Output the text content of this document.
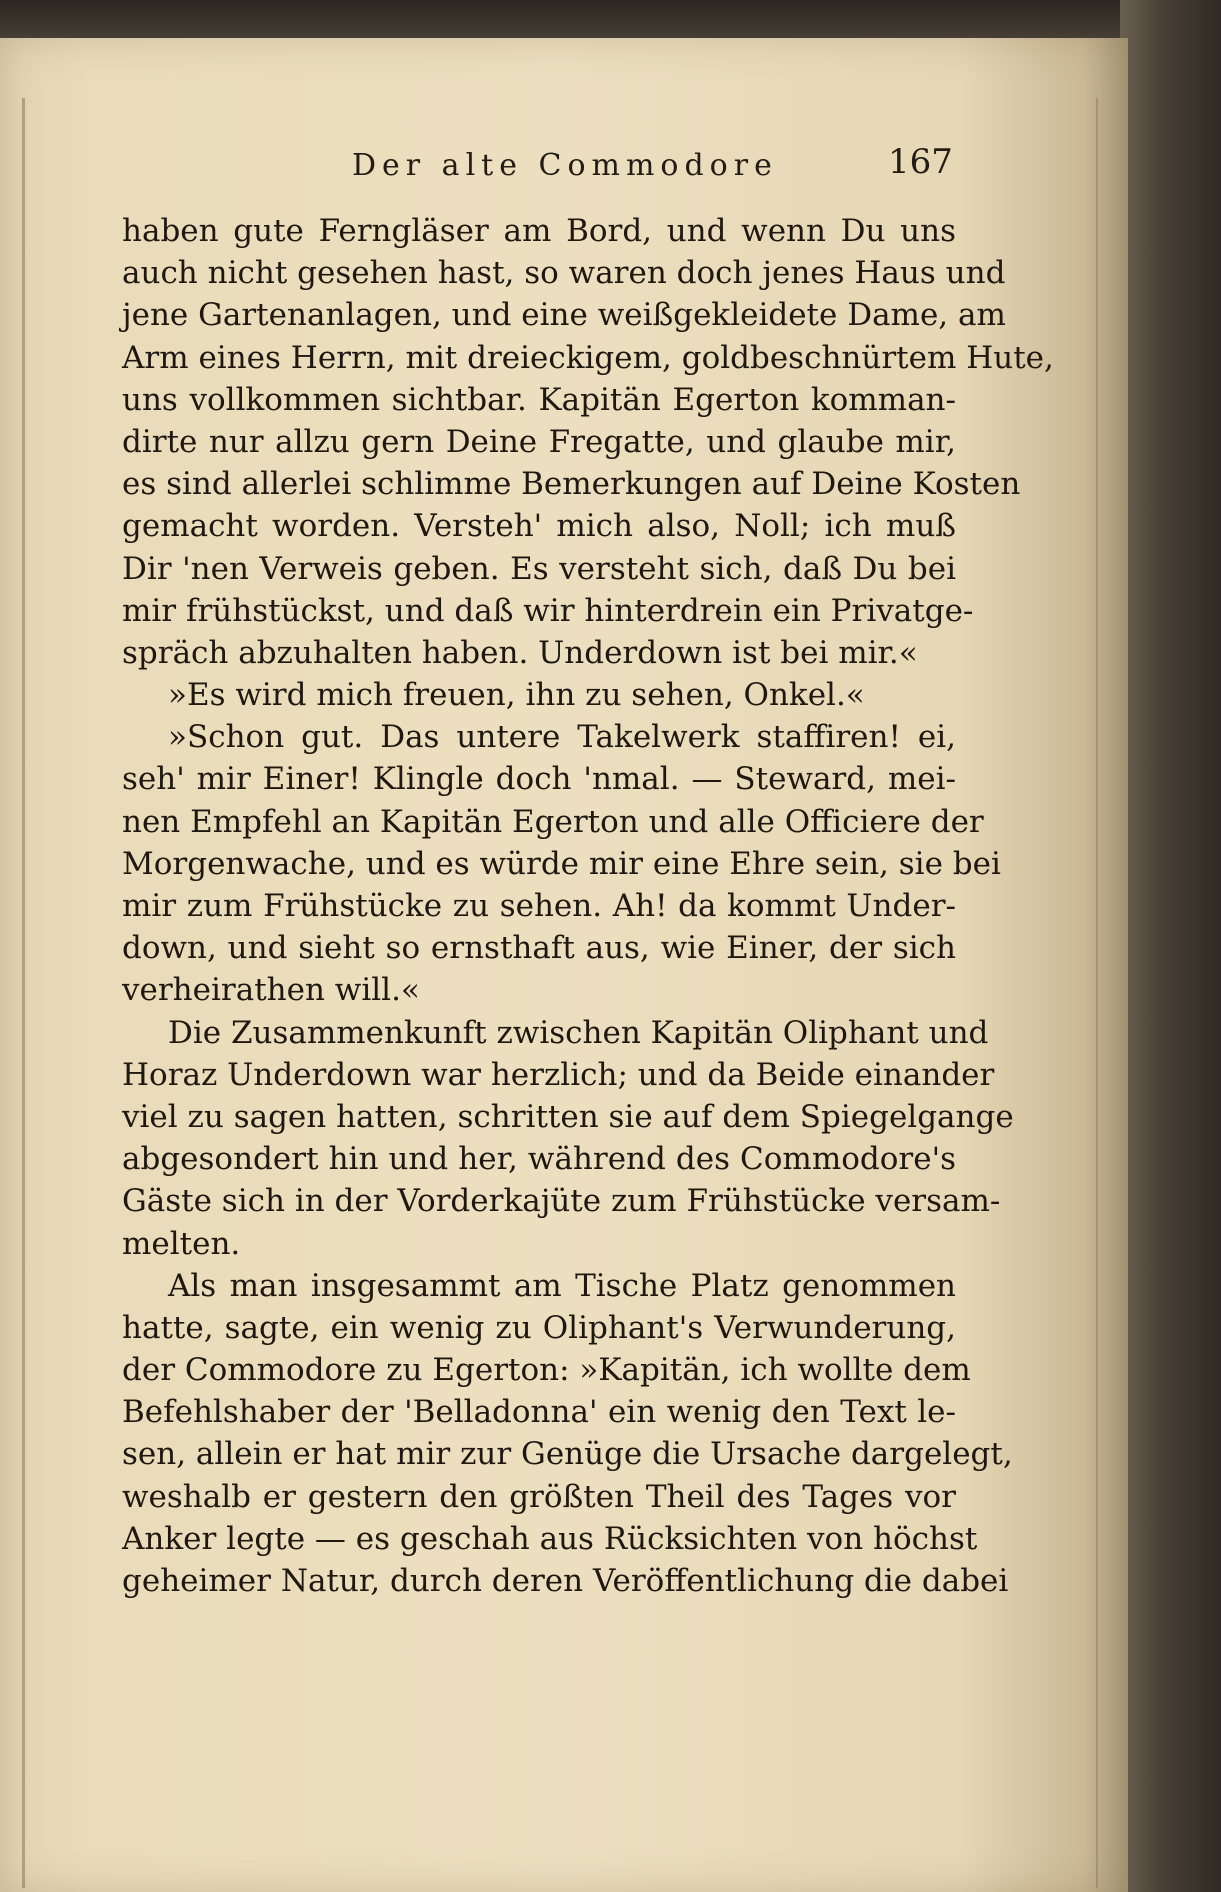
Der alte Commodore	167
haben gute Ferngläser am Bord, und wenn Du uns
auch nicht gesehen hast, so waren doch jenes Haus und
jene Gartenanlagen, und eine weißgekleidete Dame, am
Arm eines Herrn, mit dreieckigem, goldbeschnürtem Hute,
uns vollkommen sichtbar. Kapitän Egerton komman-
dirte nur allzu gern Deine Fregatte, und glaube mir,
es sind allerlei schlimme Bemerkungen auf Deine Kosten
gemacht worden. Versteh' mich also, Noll; ich muß
Dir 'nen Verweis geben. Es versteht sich, daß Du bei
mir frühstückst, und daß wir hinterdrein ein Privatge-
spräch abzuhalten haben. Underdown ist bei mir.«
»Es wird mich freuen, ihn zu sehen, Onkel.«
»Schon gut. Das untere Takelwerk staffiren! ei,
seh' mir Einer! Klingle doch 'nmal. — Steward, mei-
nen Empfehl an Kapitän Egerton und alle Officiere der
Morgenwache, und es würde mir eine Ehre sein, sie bei
mir zum Frühstücke zu sehen. Ah! da kommt Under-
down, und sieht so ernsthaft aus, wie Einer, der sich
verheirathen will.«
Die Zusammenkunft zwischen Kapitän Oliphant und
Horaz Underdown war herzlich; und da Beide einander
viel zu sagen hatten, schritten sie auf dem Spiegelgange
abgesondert hin und her, während des Commodore's
Gäste sich in der Vorderkajüte zum Frühstücke versam-
melten.
Als man insgesammt am Tische Platz genommen
hatte, sagte, ein wenig zu Oliphant's Verwunderung,
der Commodore zu Egerton: »Kapitän, ich wollte dem
Befehlshaber der 'Belladonna' ein wenig den Text le-
sen, allein er hat mir zur Genüge die Ursache dargelegt,
weshalb er gestern den größten Theil des Tages vor
Anker legte — es geschah aus Rücksichten von höchst
geheimer Natur, durch deren Veröffentlichung die dabei
